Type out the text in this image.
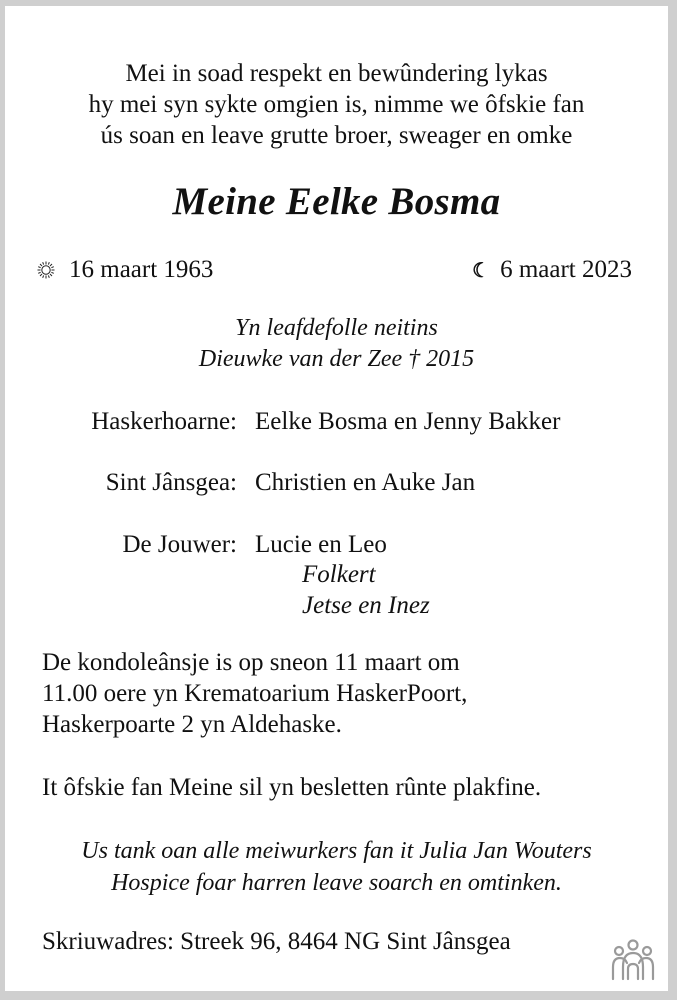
Mei in soad respekt en bewûndering lykas
hy mei syn sykte omgien is, nimme we ôfskie fan
ús soan en leave grutte broer, sweager en omke
Meine Eelke Bosma
16 maart 1963	☾ 6 maart 2023
Yn leafdefolle neitins
Dieuwke van der Zee † 2015
Haskerhoarne: Eelke Bosma en Jenny Bakker
Sint Jânsgea: Christien en Auke Jan
De Jouwer: Lucie en Leo
Folkert
Jetse en Inez
De kondoleânsje is op sneon 11 maart om
11.00 oere yn Krematoarium HaskerPoort,
Haskerpoarte 2 yn Aldehaske.
It ôfskie fan Meine sil yn besletten rûnte plakfine.
Us tank oan alle meiwurkers fan it Julia Jan Wouters
Hospice foar harren leave soarch en omtinken.
Skriuwadres: Streek 96, 8464 NG Sint Jânsgea
